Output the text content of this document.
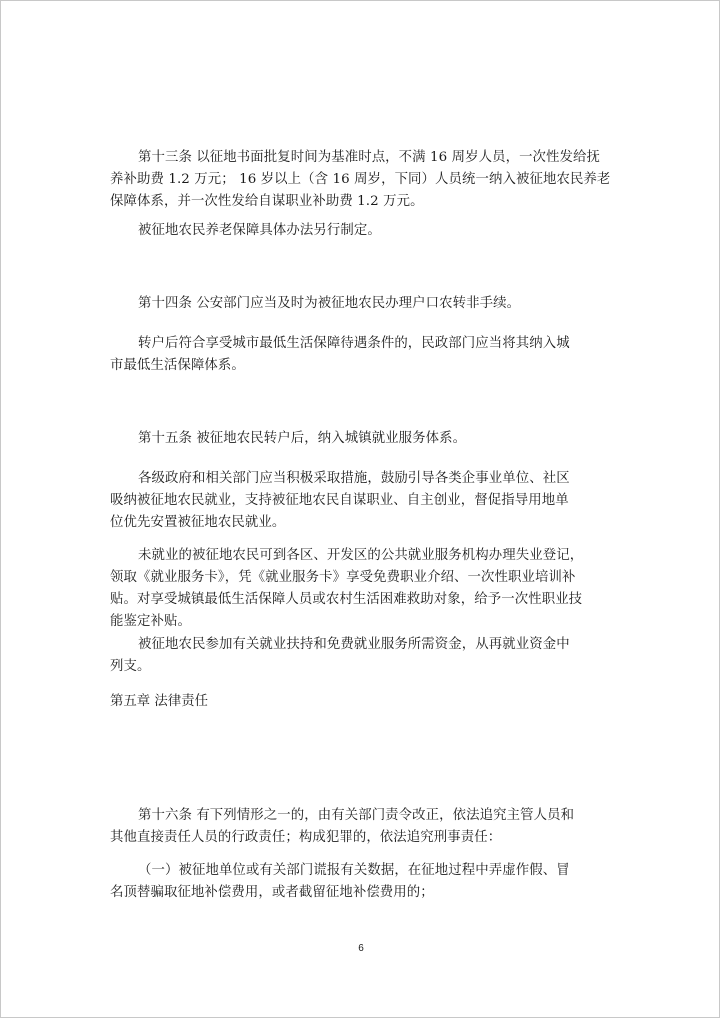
第十三条 以征地书面批复时间为基准时点，不满 16 周岁人员，一次性发给抚
养补助费 1.2 万元； 16 岁以上（含 16 周岁，下同）人员统一纳入被征地农民养老
保障体系，并一次性发给自谋职业补助费 1.2 万元。

被征地农民养老保障具体办法另行制定。

第十四条 公安部门应当及时为被征地农民办理户口农转非手续。

转户后符合享受城市最低生活保障待遇条件的，民政部门应当将其纳入城
市最低生活保障体系。

第十五条 被征地农民转户后，纳入城镇就业服务体系。

各级政府和相关部门应当积极采取措施，鼓励引导各类企事业单位、社区
吸纳被征地农民就业，支持被征地农民自谋职业、自主创业，督促指导用地单
位优先安置被征地农民就业。

未就业的被征地农民可到各区、开发区的公共就业服务机构办理失业登记，
领取《就业服务卡》，凭《就业服务卡》享受免费职业介绍、一次性职业培训补
贴。对享受城镇最低生活保障人员或农村生活困难救助对象，给予一次性职业技
能鉴定补贴。

被征地农民参加有关就业扶持和免费就业服务所需资金，从再就业资金中
列支。

第五章 法律责任

第十六条 有下列情形之一的，由有关部门责令改正，依法追究主管人员和
其他直接责任人员的行政责任；构成犯罪的，依法追究刑事责任：

（一）被征地单位或有关部门谎报有关数据，在征地过程中弄虚作假、冒
名顶替骗取征地补偿费用，或者截留征地补偿费用的；

6
